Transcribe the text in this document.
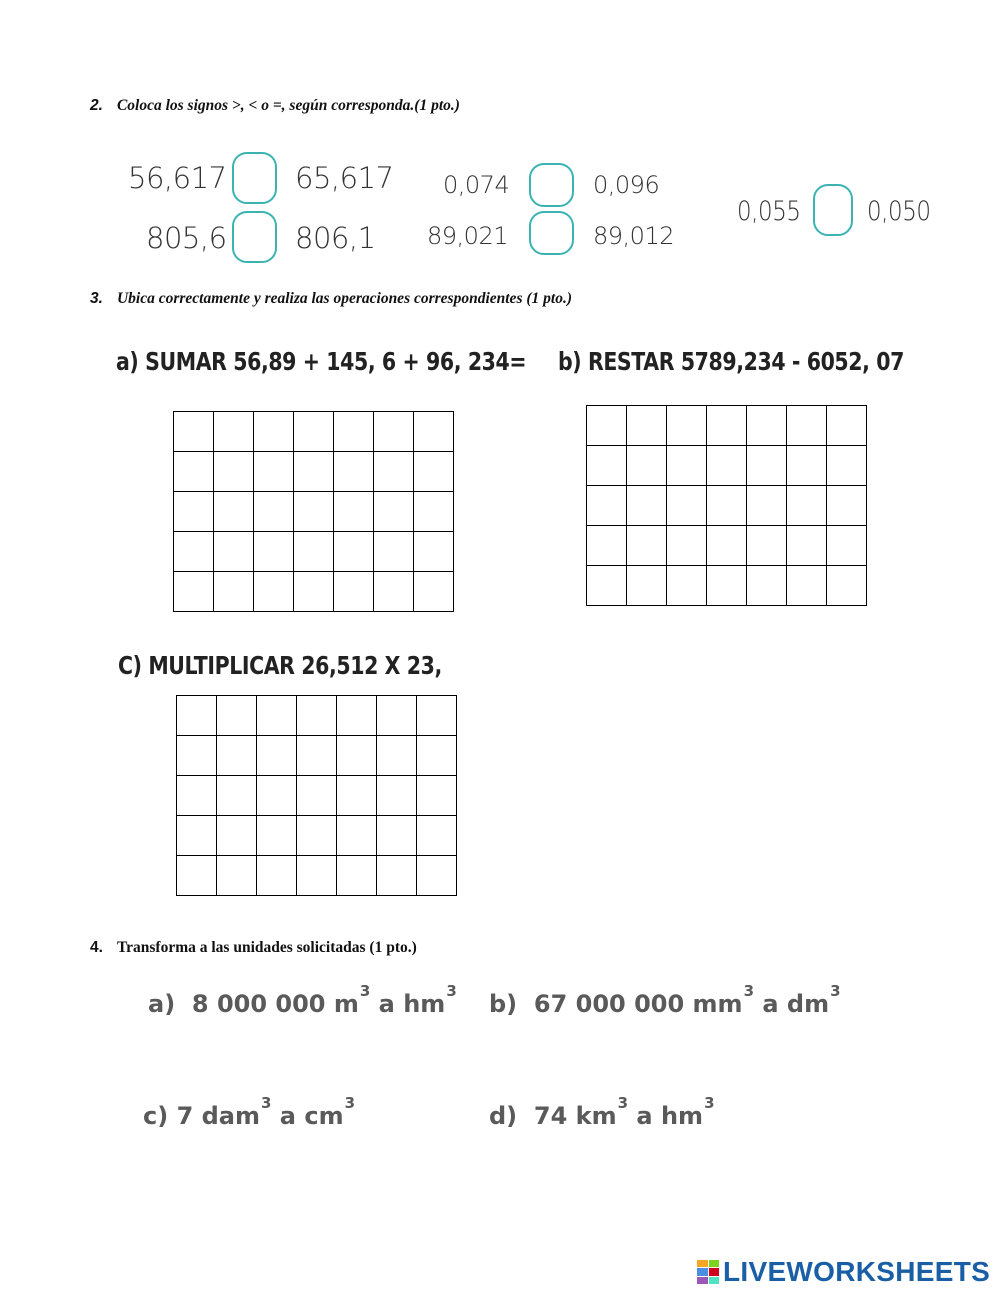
2. Coloca los signos >, < o =, según corresponda.(1 pto.)
56,617 65,617
805,6 806,1
0,074	0,096
89,021	89,012
0,055 0,050
3. Ubica correctamente y realiza las operaciones correspondientes (1 pto.)
a) SUMAR 56,89 + 145, 6 + 96, 234= b) RESTAR 5789,234 - 6052, 07

C) MULTIPLICAR 26,512 X 23,

4. Transforma a las unidades solicitadas (1 pto.)
a) 8 000 000 $m^3$ a $hm^3$ b) 67 000 000 $mm^3$ a $dm^3$
c) 7 dam$^3$ a $cm^3$	d) 74 $km^3$ a $hm^3$
LIVEWORKSHEETS
